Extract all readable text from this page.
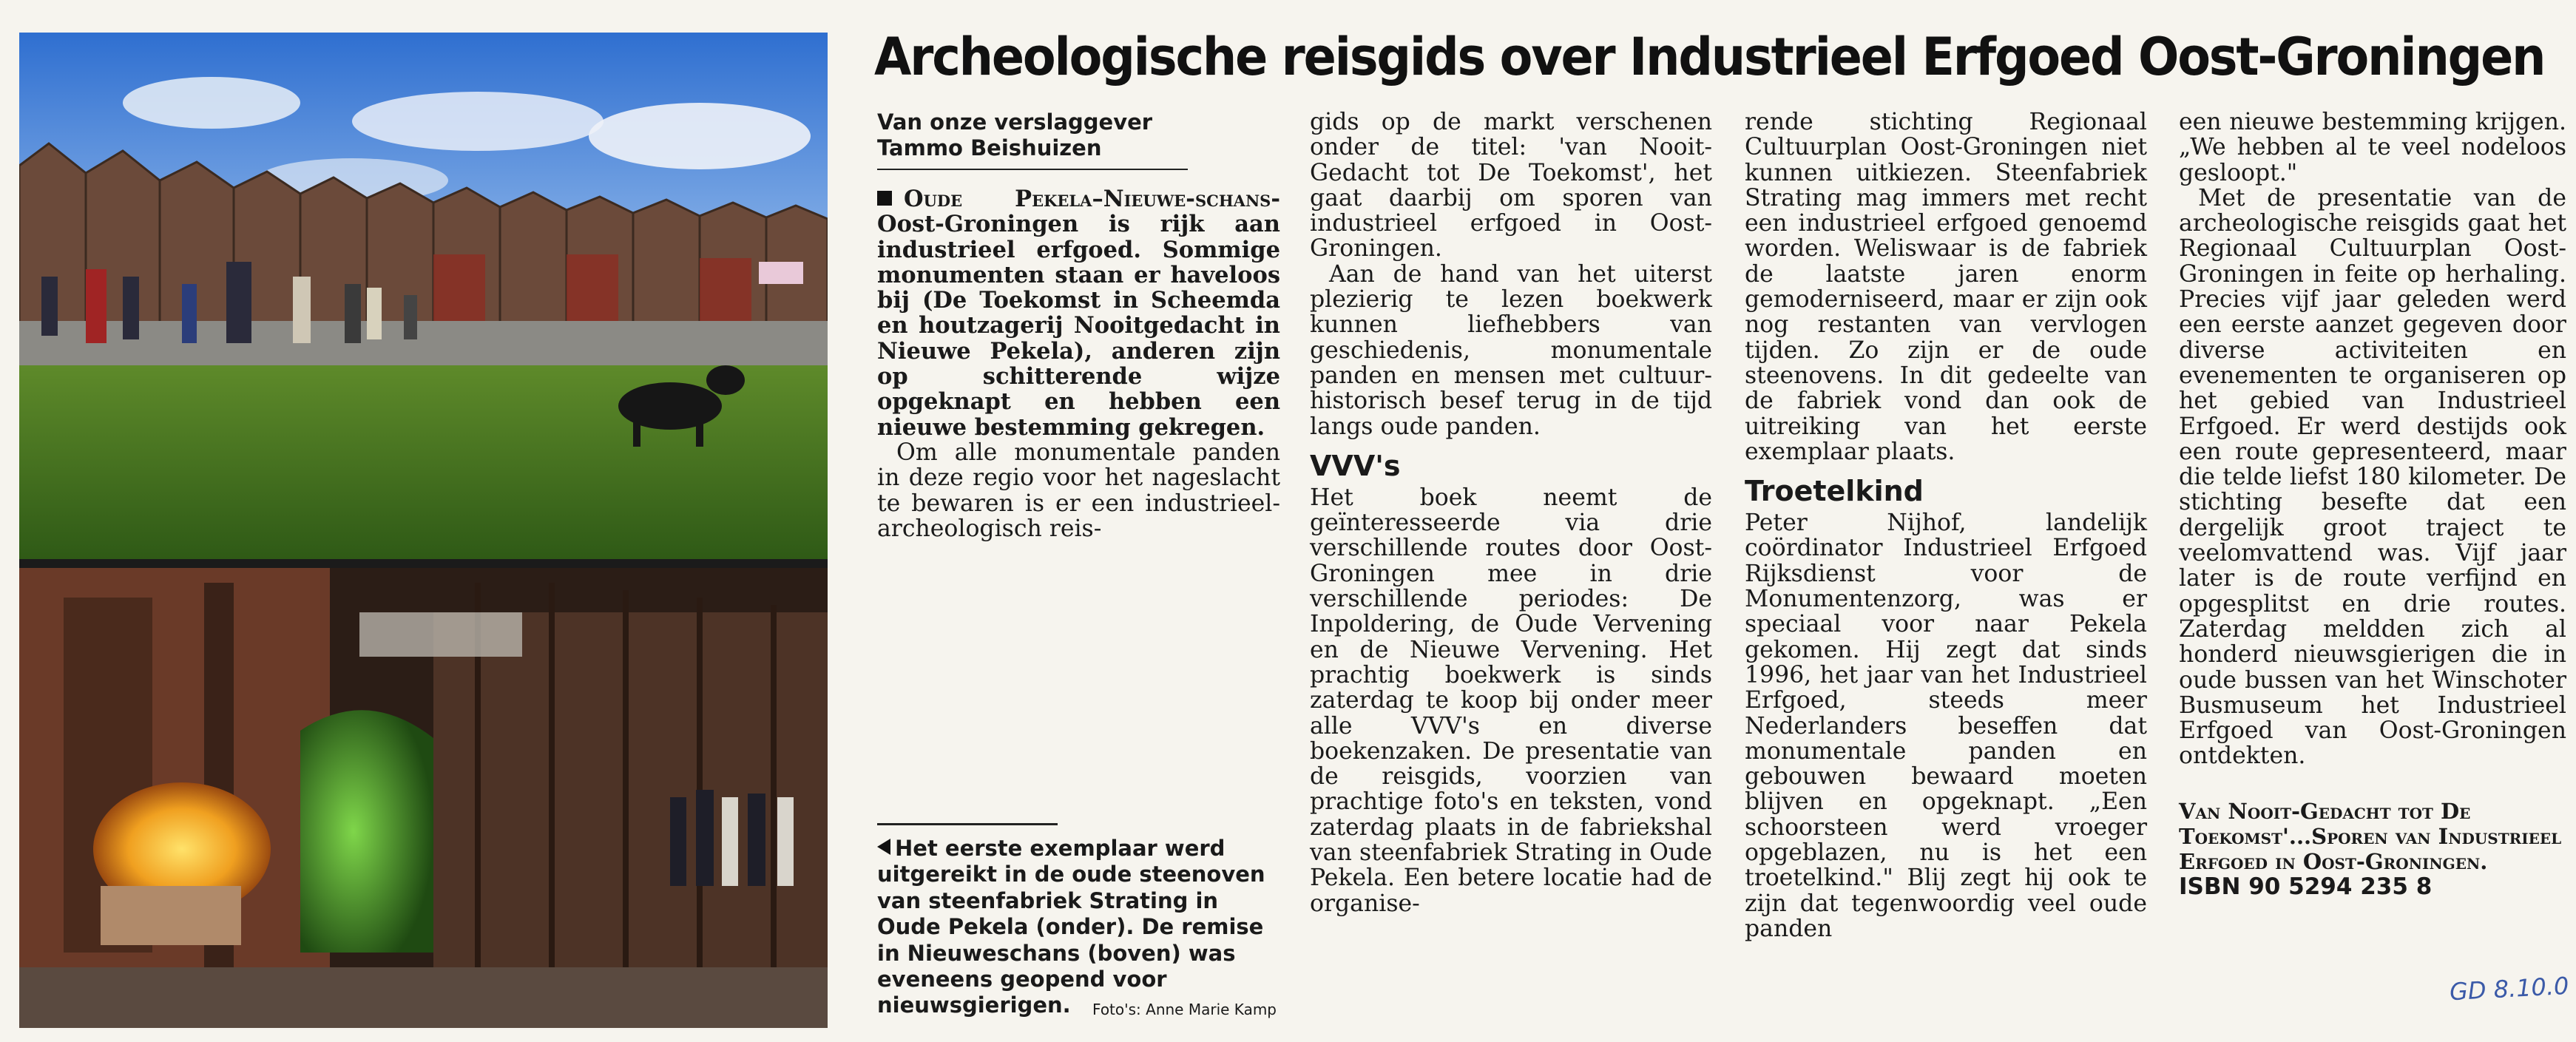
Archeologische reisgids over Industrieel Erfgoed Oost-Groningen
Van onze verslaggever
Tammo Beishuizen

Oude Pekela–Nieuwe-schans- Oost-Groningen is rijk aan industrieel erfgoed. Sommige monumenten staan er haveloos bij (De Toekomst in Scheemda en houtzagerij Nooitgedacht in Nieuwe Pekela), anderen zijn op schitterende wijze opgeknapt en hebben een nieuwe bestemming gekregen.

Om alle monumentale panden in deze regio voor het nageslacht te bewaren is er een industrieel-archeologisch reis-

Het eerste exemplaar werd uitgereikt in de oude steenoven van steenfabriek Strating in Oude Pekela (onder). De remise in Nieuweschans (boven) was eveneens geopend voor nieuwsgierigen. Foto's: Anne Marie Kamp

gids op de markt verschenen onder de titel: 'van Nooit-Gedacht tot De Toekomst', het gaat daarbij om sporen van industrieel erfgoed in Oost-Groningen.

Aan de hand van het uiterst plezierig te lezen boekwerk kunnen liefhebbers van geschiedenis, monumentale panden en mensen met cultuur-historisch besef terug in de tijd langs oude panden.

VVV's

Het boek neemt de geïnteresseerde via drie verschillende routes door Oost-Groningen mee in drie verschillende periodes: De Inpoldering, de Oude Vervening en de Nieuwe Vervening. Het prachtig boekwerk is sinds zaterdag te koop bij onder meer alle VVV's en diverse boekenzaken. De presentatie van de reisgids, voorzien van prachtige foto's en teksten, vond zaterdag plaats in de fabriekshal van steenfabriek Strating in Oude Pekela. Een betere locatie had de organise-

rende stichting Regionaal Cultuurplan Oost-Groningen niet kunnen uitkiezen. Steenfabriek Strating mag immers met recht een industrieel erfgoed genoemd worden. Weliswaar is de fabriek de laatste jaren enorm gemoderniseerd, maar er zijn ook nog restanten van vervlogen tijden. Zo zijn er de oude steenovens. In dit gedeelte van de fabriek vond dan ook de uitreiking van het eerste exemplaar plaats.

Troetelkind

Peter Nijhof, landelijk coördinator Industrieel Erfgoed Rijksdienst voor de Monumentenzorg, was er speciaal voor naar Pekela gekomen. Hij zegt dat sinds 1996, het jaar van het Industrieel Erfgoed, steeds meer Nederlanders beseffen dat monumentale panden en gebouwen bewaard moeten blijven en opgeknapt. „Een schoorsteen werd vroeger opgeblazen, nu is het een troetelkind." Blij zegt hij ook te zijn dat tegenwoordig veel oude panden

een nieuwe bestemming krijgen. „We hebben al te veel nodeloos gesloopt."

Met de presentatie van de archeologische reisgids gaat het Regionaal Cultuurplan Oost-Groningen in feite op herhaling. Precies vijf jaar geleden werd een eerste aanzet gegeven door diverse activiteiten en evenementen te organiseren op het gebied van Industrieel Erfgoed. Er werd destijds ook een route gepresenteerd, maar die telde liefst 180 kilometer. De stichting besefte dat een dergelijk groot traject te veelomvattend was. Vijf jaar later is de route verfijnd en opgesplitst en drie routes. Zaterdag meldden zich al honderd nieuwsgierigen die in oude bussen van het Winschoter Busmuseum het Industrieel Erfgoed van Oost-Groningen ontdekten.

Van Nooit-Gedacht tot De Toekomst'...Sporen van Industrieel Erfgoed in Oost-Groningen.

ISBN 90 5294 235 8

GD 8.10.0
